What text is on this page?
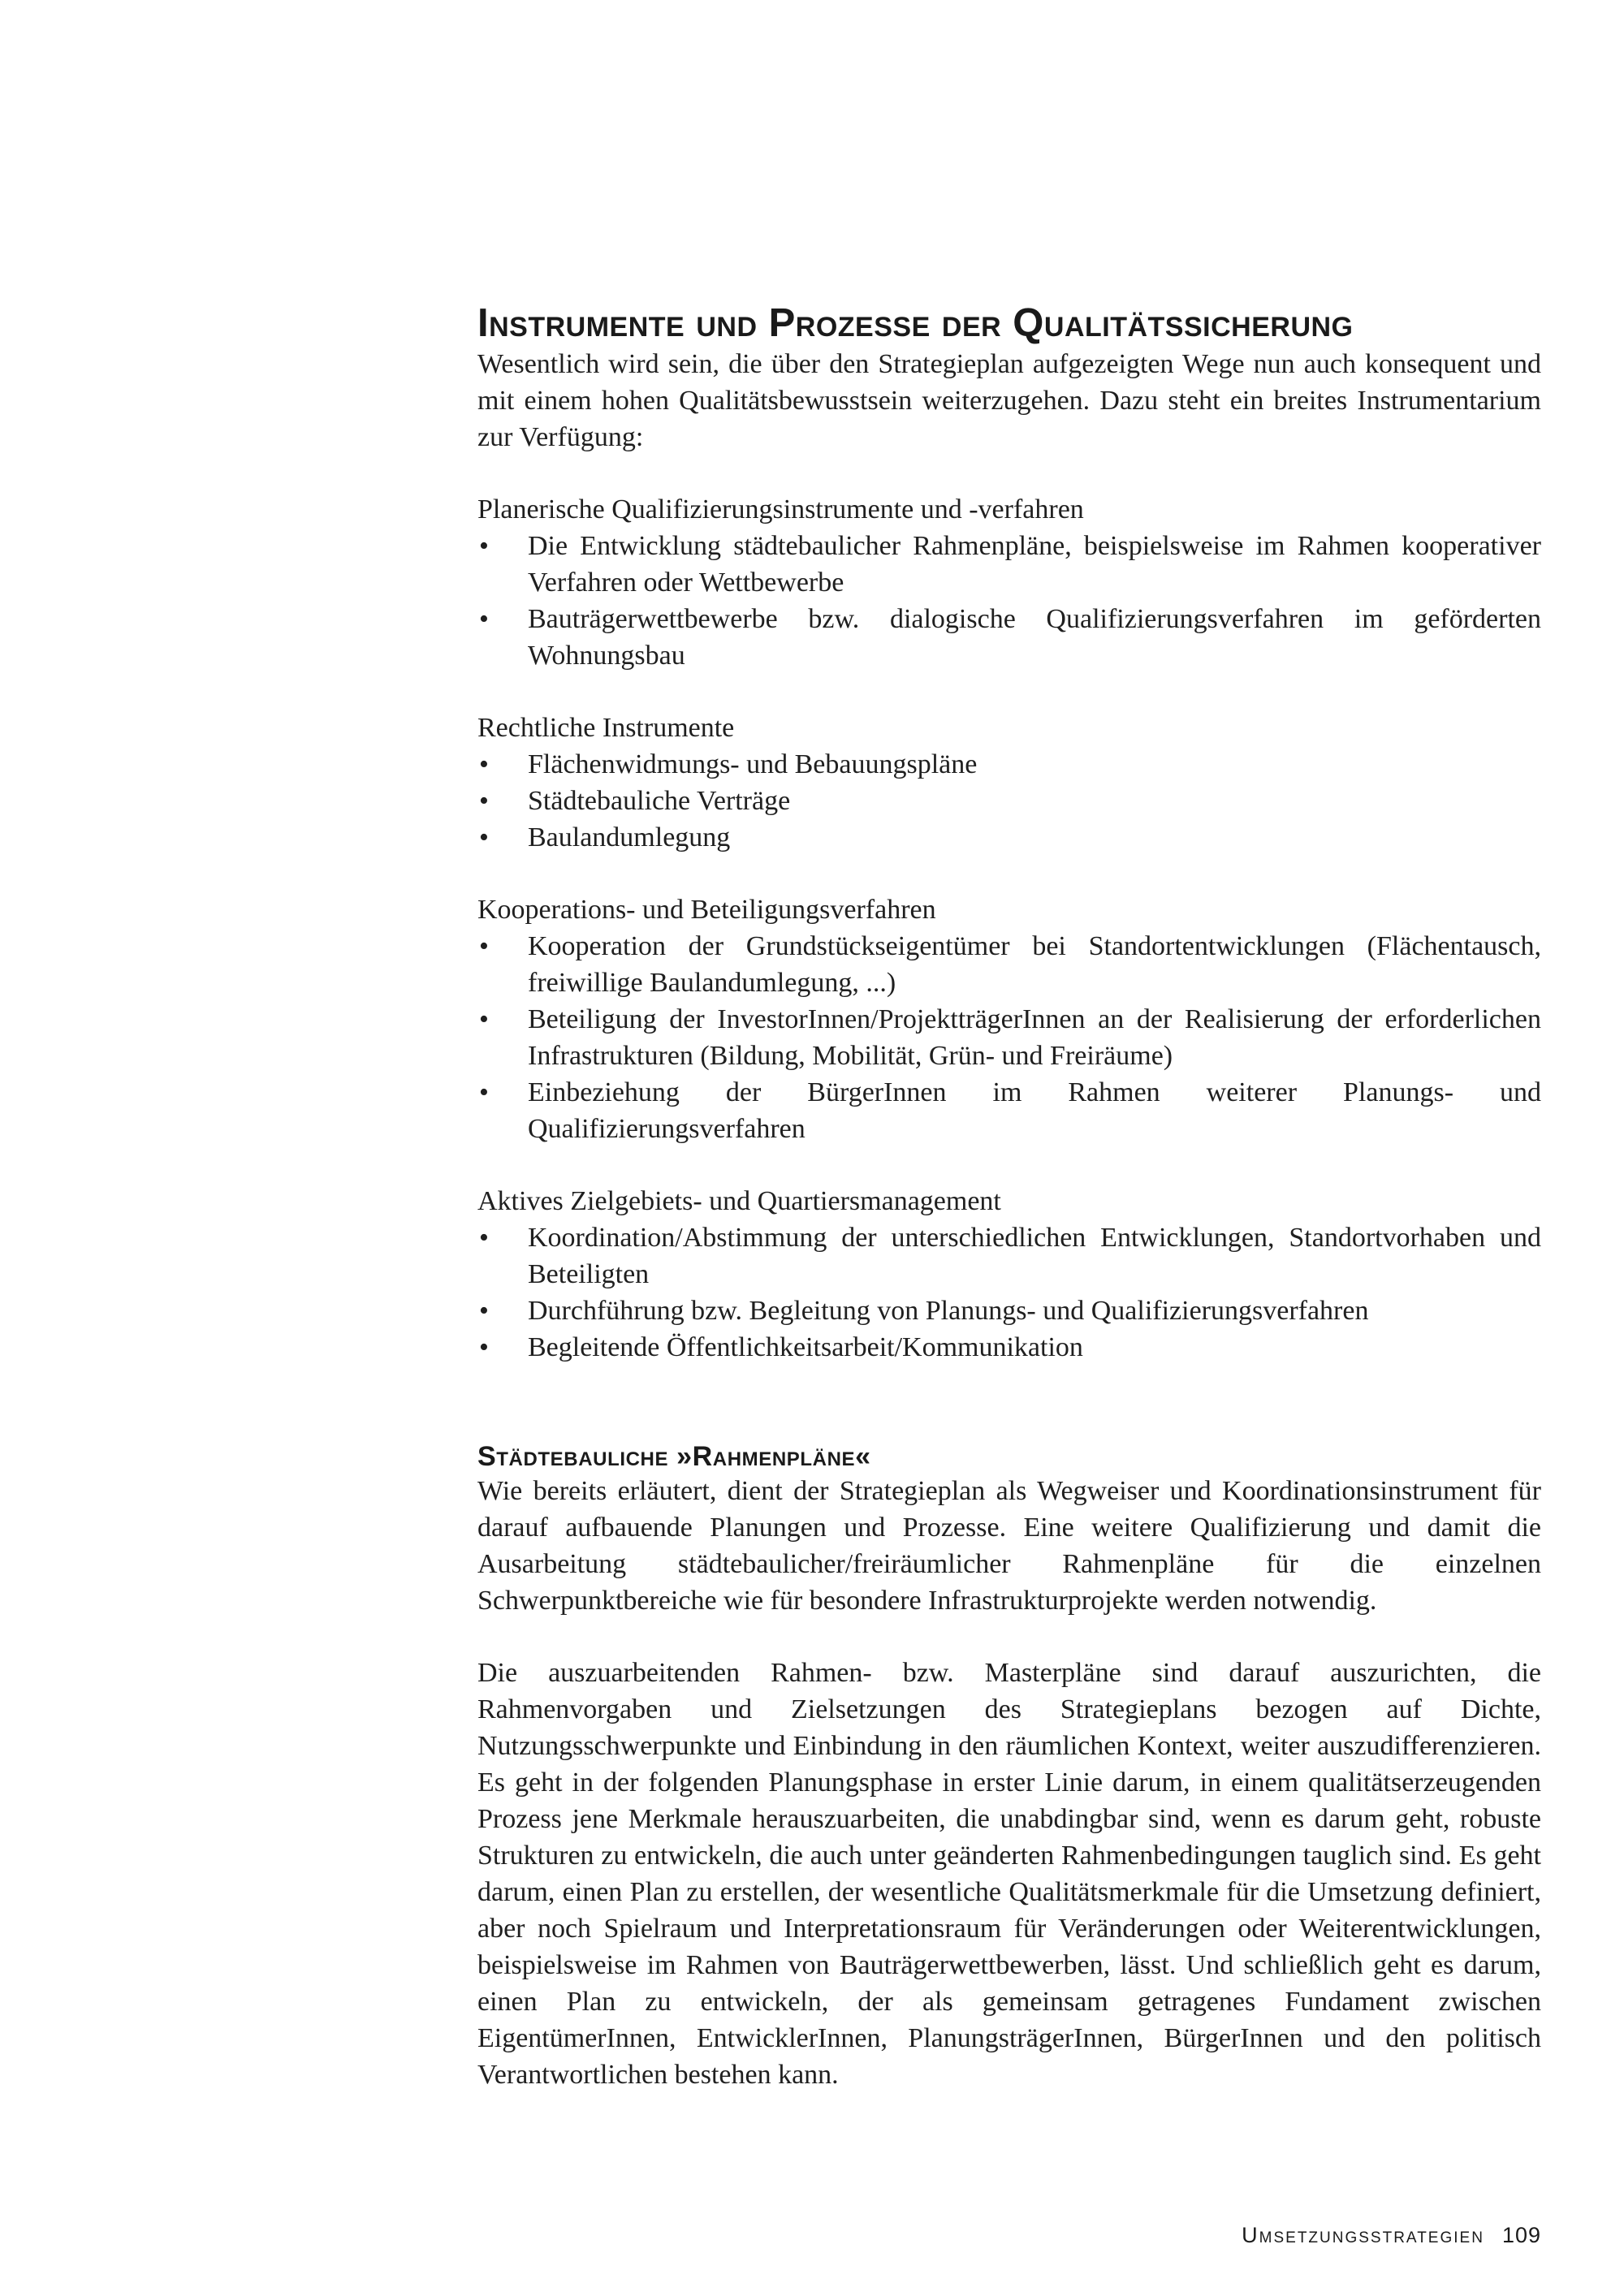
Instrumente und Prozesse der Qualitätssicherung

Wesentlich wird sein, die über den Strategieplan aufgezeigten Wege nun auch konsequent und mit einem hohen Qualitätsbewusstsein weiterzugehen. Dazu steht ein breites Instrumentarium zur Verfügung:

Planerische Qualifizierungsinstrumente und -verfahren

• Die Entwicklung städtebaulicher Rahmenpläne, beispielsweise im Rahmen kooperativer Verfahren oder Wettbewerbe
• Bauträgerwettbewerbe bzw. dialogische Qualifizierungsverfahren im geförderten Wohnungsbau

Rechtliche Instrumente

• Flächenwidmungs- und Bebauungspläne
• Städtebauliche Verträge
• Baulandumlegung

Kooperations- und Beteiligungsverfahren

• Kooperation der Grundstückseigentümer bei Standortentwicklungen (Flächentausch, freiwillige Baulandumlegung, ...)
• Beteiligung der InvestorInnen/ProjektträgerInnen an der Realisierung der erforderlichen Infrastrukturen (Bildung, Mobilität, Grün- und Freiräume)
• Einbeziehung der BürgerInnen im Rahmen weiterer Planungs- und Qualifizierungsverfahren

Aktives Zielgebiets- und Quartiersmanagement

• Koordination/Abstimmung der unterschiedlichen Entwicklungen, Standortvorhaben und Beteiligten
• Durchführung bzw. Begleitung von Planungs- und Qualifizierungsverfahren
• Begleitende Öffentlichkeitsarbeit/Kommunikation
Städtebauliche »Rahmenpläne«

Wie bereits erläutert, dient der Strategieplan als Wegweiser und Koordinationsinstrument für darauf aufbauende Planungen und Prozesse. Eine weitere Qualifizierung und damit die Ausarbeitung städtebaulicher/freiräumlicher Rahmenpläne für die einzelnen Schwerpunktbereiche wie für besondere Infrastrukturprojekte werden notwendig.

Die auszuarbeitenden Rahmen- bzw. Masterpläne sind darauf auszurichten, die Rahmenvorgaben und Zielsetzungen des Strategieplans bezogen auf Dichte, Nutzungsschwerpunkte und Einbindung in den räumlichen Kontext, weiter auszudifferenzieren. Es geht in der folgenden Planungsphase in erster Linie darum, in einem qualitätserzeugenden Prozess jene Merkmale herauszuarbeiten, die unabdingbar sind, wenn es darum geht, robuste Strukturen zu entwickeln, die auch unter geänderten Rahmenbedingungen tauglich sind. Es geht darum, einen Plan zu erstellen, der wesentliche Qualitätsmerkmale für die Umsetzung definiert, aber noch Spielraum und Interpretationsraum für Veränderungen oder Weiterentwicklungen, beispielsweise im Rahmen von Bauträgerwettbewerben, lässt. Und schließlich geht es darum, einen Plan zu entwickeln, der als gemeinsam getragenes Fundament zwischen EigentümerInnen, EntwicklerInnen, PlanungsträgerInnen, BürgerInnen und den politisch Verantwortlichen bestehen kann.

Umsetzungsstrategien 109
